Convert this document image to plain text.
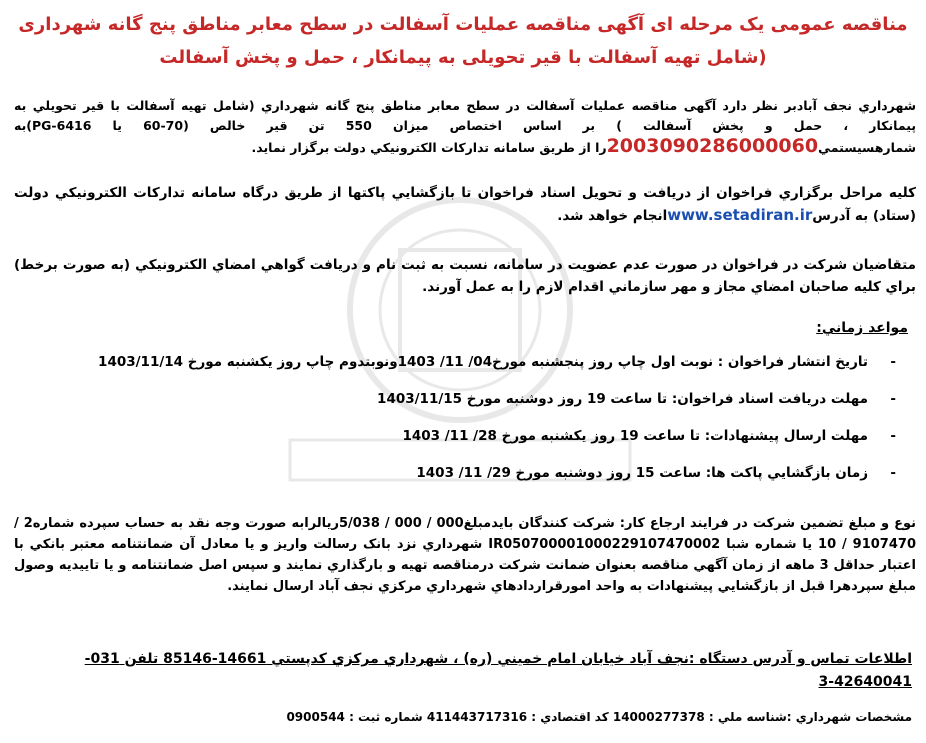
مناقصه عمومی یک مرحله ای آگهی مناقصه عملیات آسفالت در سطح معابر مناطق پنج گانه شهرداری (شامل تهیه آسفالت با قیر تحویلی به پیمانکار ، حمل و پخش آسفالت
شهرداري نجف آبادبر نظر دارد آگهی مناقصه عملیات آسفالت در سطح معابر مناطق پنج گانه شهرداري (شامل تهیه آسفالت با قیر تحویلي به پیمانکار ، حمل و پخش آسفالت ) بر اساس اختصاص میزان 550 تن قیر خالص (70-60 یا 6416-PG)به شمارهسیستمي2003090286000060را از طریق سامانه تدارکات الکترونیکي دولت برگزار نماید.
کلیه مراحل برگزاري فراخوان از دریافت و تحویل اسناد فراخوان تا بازگشايي پاکتها از طریق درگاه سامانه تدارکات الکترونیکي دولت (ستاد) به آدرسwww.setadiran.irانجام خواهد شد.
متقاضیان شرکت در فراخوان در صورت عدم عضویت در سامانه، نسبت به ثبت نام و دریافت گواهي امضاي الکترونیکي (به صورت برخط) براي کلیه صاحبان امضاي مجاز و مهر سازماني اقدام لازم را به عمل آورند.
مواعد زماني:
-
تاریخ انتشار فراخوان : نوبت اول چاپ روز پنجشنبه مورخ04/ 11/ 1403ونوبتدوم چاپ روز یکشنبه مورخ 1403/11/14
-
مهلت دریافت اسناد فراخوان: تا ساعت 19 روز دوشنبه مورخ 1403/11/15
-
مهلت ارسال پیشنهادات: تا ساعت 19 روز یکشنبه مورخ 28/ 11/ 1403
-
زمان بازگشايي پاکت ها: ساعت 15 روز دوشنبه مورخ 29/ 11/ 1403
نوع و مبلغ تضمین شرکت در فرایند ارجاع کار: شرکت کنندگان بایدمبلغ000 / 000 / 5/038ريالرابه صورت وجه نقد به حساب سپرده شماره2 / 9107470 / 10 یا شماره شبا IR050700001000229107470002 شهرداري نزد بانک رسالت واریز و یا معادل آن ضمانتنامه معتبر بانکي با اعتبار حداقل 3 ماهه از زمان آگهي مناقصه بعنوان ضمانت شرکت درمناقصه تهیه و بارگذاري نمایند و سپس اصل ضمانتنامه و یا تاییدیه وصول مبلغ سپردهرا قبل از بازگشايي پیشنهادات به واحد امورقراردادهاي شهرداري مرکزي نجف آباد ارسال نمایند.
اطلاعات تماس و آدرس دستگاه :نجف آباد خیابان امام خمیني (ره) ، شهرداري مرکزي کدپستي 14661-85146 تلفن 031-42640041-3
مشخصات شهرداري :شناسه ملي : 14000277378 کد اقتصادي : 411443717316 شماره ثبت : 0900544
